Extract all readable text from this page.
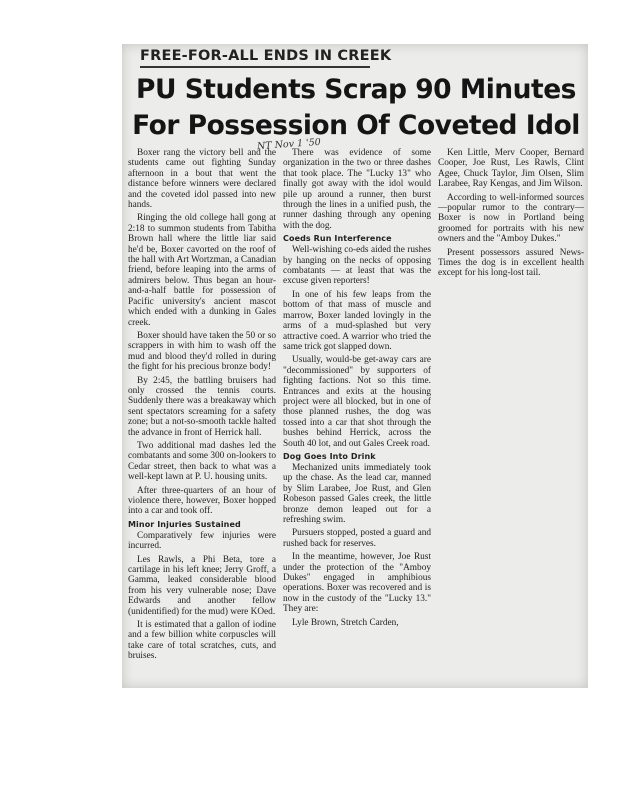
FREE-FOR-ALL ENDS IN CREEK
PU Students Scrap 90 Minutes
For Possession Of Coveted Idol
NT Nov 1 '50

Boxer rang the victory bell and the students came out fighting Sunday afternoon in a bout that went the distance before winners were declared and the coveted idol passed into new hands.

Ringing the old college hall gong at 2:18 to summon students from Tabitha Brown hall where the little liar said he'd be, Boxer cavorted on the roof of the hall with Art Wortzman, a Canadian friend, before leaping into the arms of admirers below. Thus began an hour-and-a-half battle for possession of Pacific university's ancient mascot which ended with a dunking in Gales creek.

Boxer should have taken the 50 or so scrappers in with him to wash off the mud and blood they'd rolled in during the fight for his precious bronze body!

By 2:45, the battling bruisers had only crossed the tennis courts. Suddenly there was a breakaway which sent spectators screaming for a safety zone; but a not-so-smooth tackle halted the advance in front of Herrick hall.

Two additional mad dashes led the combatants and some 300 on-lookers to Cedar street, then back to what was a well-kept lawn at P. U. housing units.

After three-quarters of an hour of violence there, however, Boxer hopped into a car and took off.

Minor Injuries Sustained

Comparatively few injuries were incurred.

Les Rawls, a Phi Beta, tore a cartilage in his left knee; Jerry Groff, a Gamma, leaked considerable blood from his very vulnerable nose; Dave Edwards and another fellow (unidentified) for the mud) were KOed.

It is estimated that a gallon of iodine and a few billion white corpuscles will take care of total scratches, cuts, and bruises.

There was evidence of some organization in the two or three dashes that took place. The "Lucky 13" who finally got away with the idol would pile up around a runner, then burst through the lines in a unified push, the runner dashing through any opening with the dog.

Coeds Run Interference

Well-wishing co-eds aided the rushes by hanging on the necks of opposing combatants — at least that was the excuse given reporters!

In one of his few leaps from the bottom of that mass of muscle and marrow, Boxer landed lovingly in the arms of a mud-splashed but very attractive coed. A warrior who tried the same trick got slapped down.

Usually, would-be get-away cars are "decommissioned" by supporters of fighting factions. Not so this time. Entrances and exits at the housing project were all blocked, but in one of those planned rushes, the dog was tossed into a car that shot through the bushes behind Herrick, across the South 40 lot, and out Gales Creek road.

Dog Goes Into Drink

Mechanized units immediately took up the chase. As the lead car, manned by Slim Larabee, Joe Rust, and Glen Robeson passed Gales creek, the little bronze demon leaped out for a refreshing swim.

Pursuers stopped, posted a guard and rushed back for reserves.

In the meantime, however, Joe Rust under the protection of the "Amboy Dukes" engaged in amphibious operations. Boxer was recovered and is now in the custody of the "Lucky 13." They are:

Lyle Brown, Stretch Carden,

Ken Little, Merv Cooper, Bernard Cooper, Joe Rust, Les Rawls, Clint Agee, Chuck Taylor, Jim Olsen, Slim Larabee, Ray Kengas, and Jim Wilson.

According to well-informed sources—popular rumor to the contrary—Boxer is now in Portland being groomed for portraits with his new owners and the "Amboy Dukes."

Present possessors assured News-Times the dog is in excellent health except for his long-lost tail.
